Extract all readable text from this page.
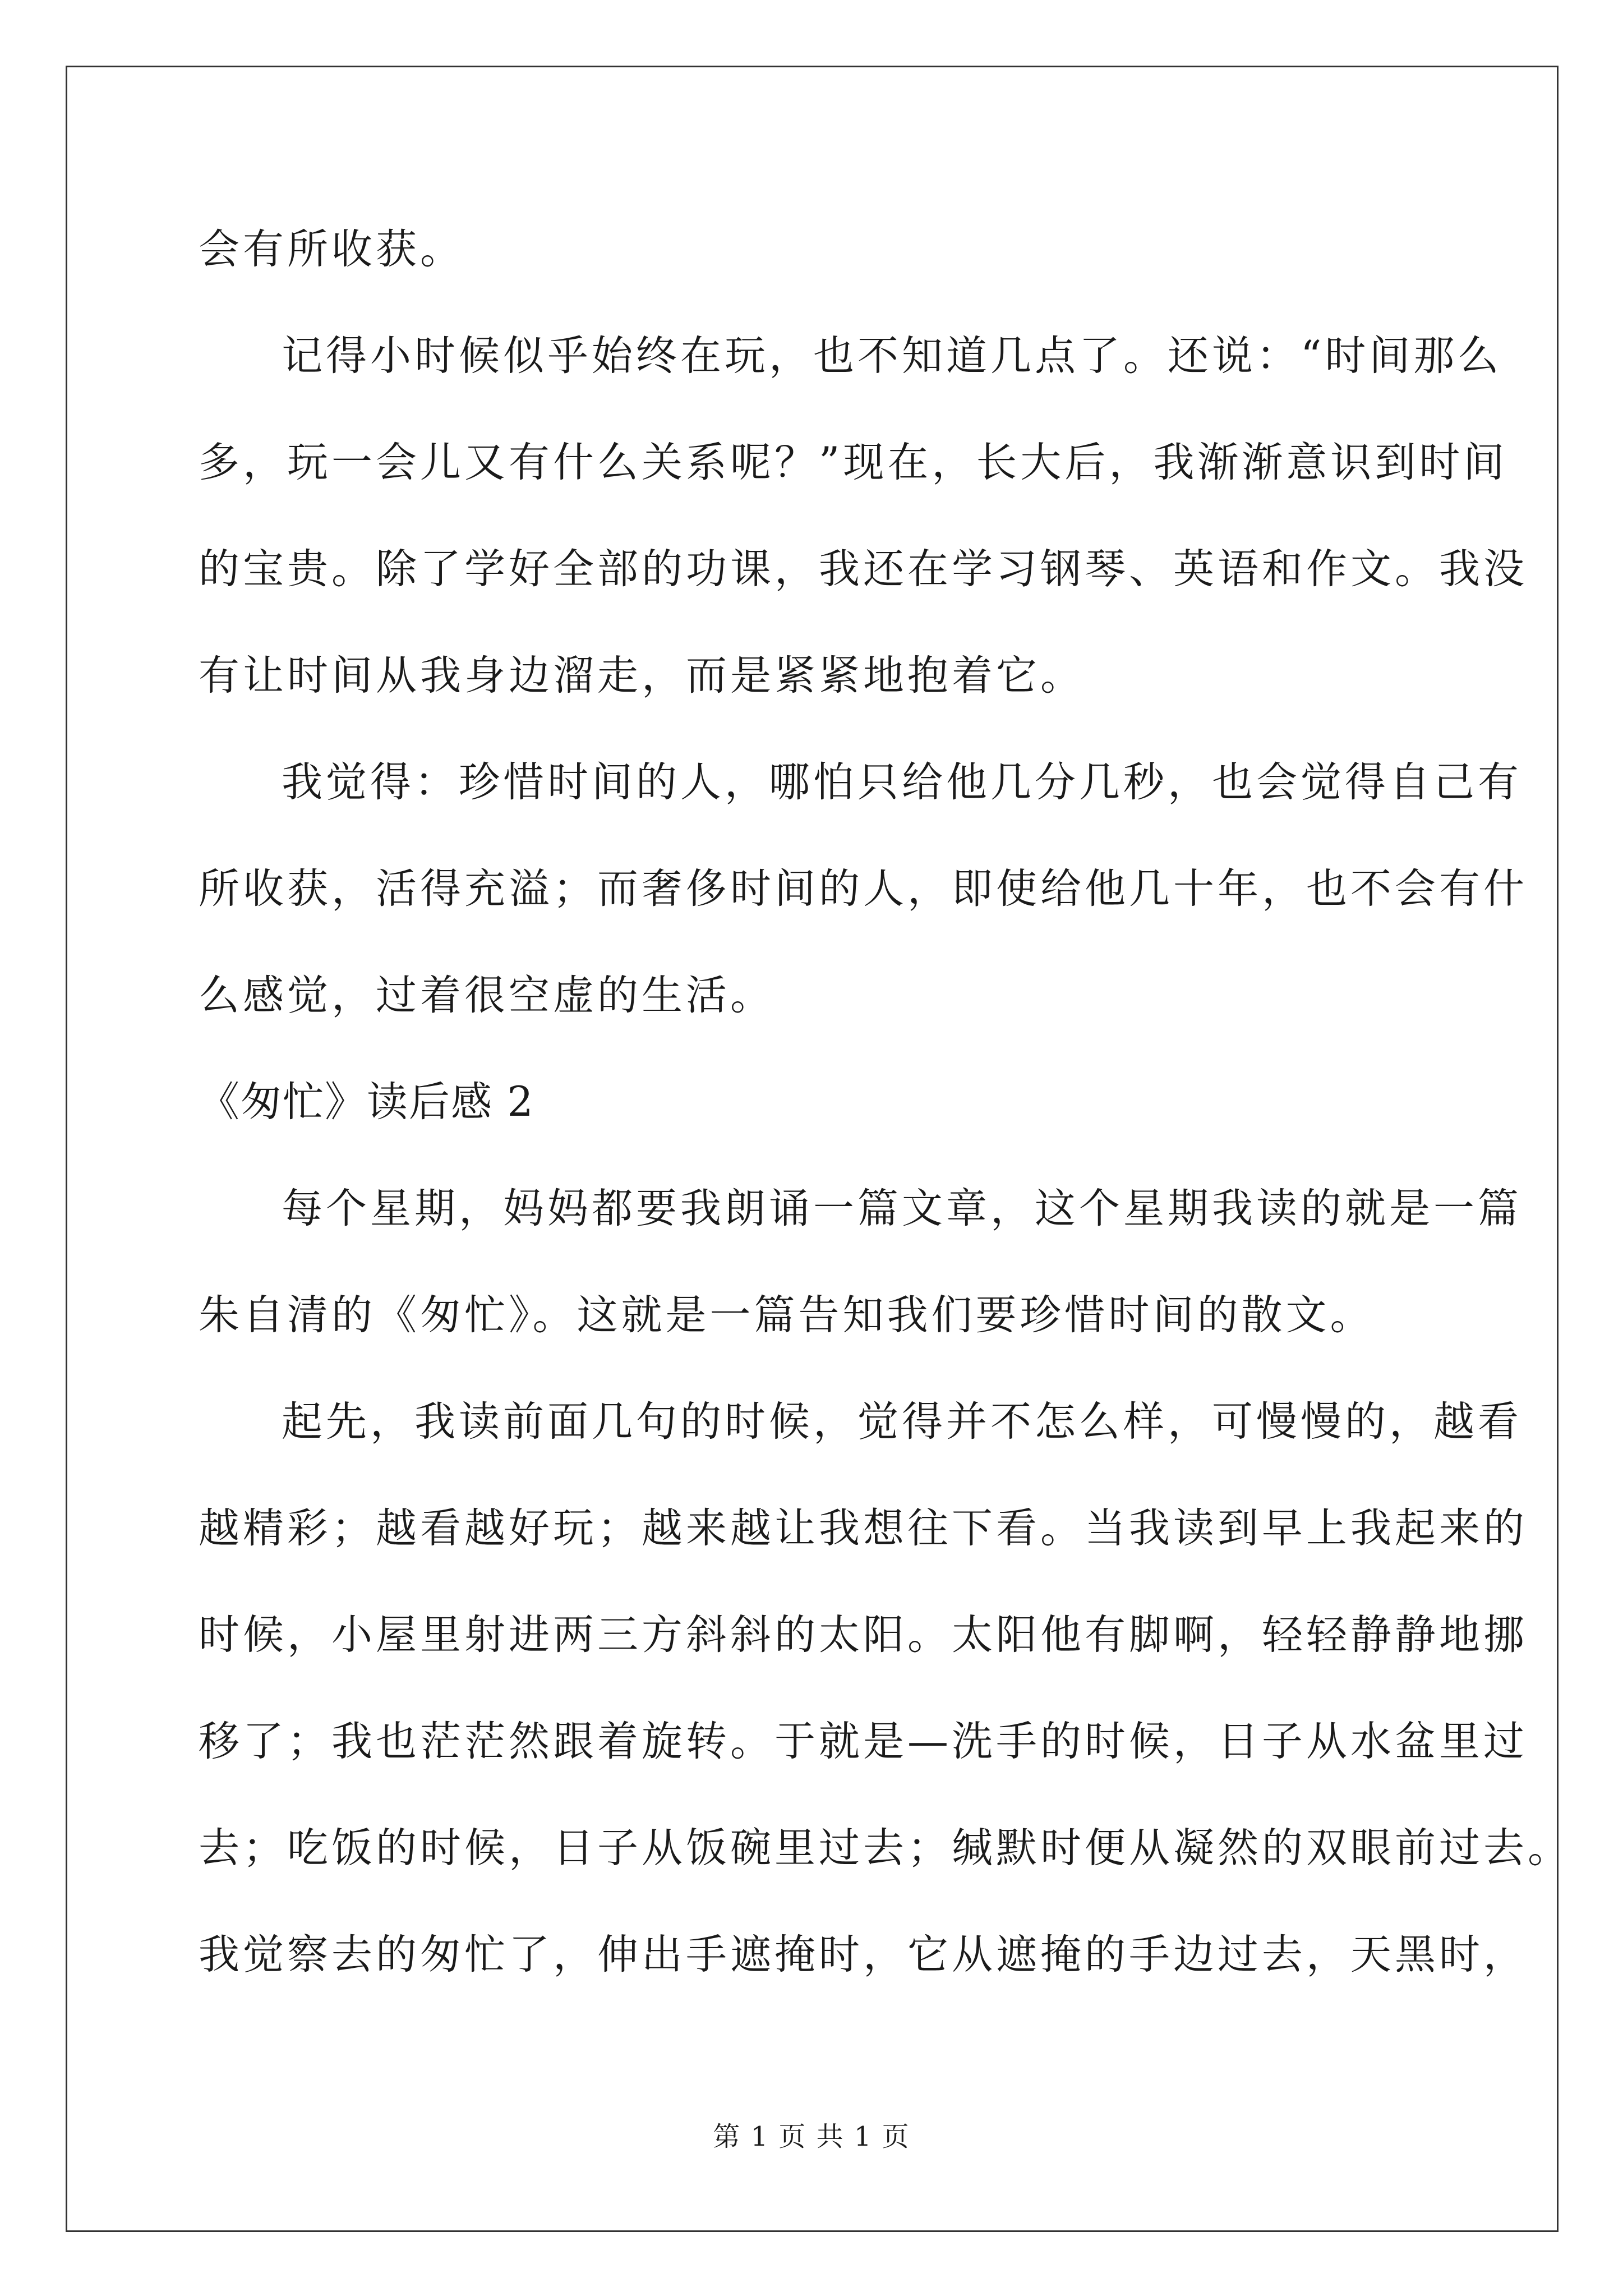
会有所收获。
记得小时候似乎始终在玩，也不知道几点了。还说：“时间那么
多，玩一会儿又有什么关系呢？”现在，长大后，我渐渐意识到时间
的宝贵。除了学好全部的功课，我还在学习钢琴、英语和作文。我没
有让时间从我身边溜走，而是紧紧地抱着它。
我觉得：珍惜时间的人，哪怕只给他几分几秒，也会觉得自己有
所收获，活得充溢；而奢侈时间的人，即使给他几十年，也不会有什
么感觉，过着很空虚的生活。
《匆忙》读后感 2
每个星期，妈妈都要我朗诵一篇文章，这个星期我读的就是一篇
朱自清的《匆忙》。这就是一篇告知我们要珍惜时间的散文。
起先，我读前面几句的时候，觉得并不怎么样，可慢慢的，越看
越精彩；越看越好玩；越来越让我想往下看。当我读到早上我起来的
时候，小屋里射进两三方斜斜的太阳。太阳他有脚啊，轻轻静静地挪
移了；我也茫茫然跟着旋转。于就是—洗手的时候，日子从水盆里过
去；吃饭的时候，日子从饭碗里过去；缄默时便从凝然的双眼前过去。
我觉察去的匆忙了，伸出手遮掩时，它从遮掩的手边过去，天黑时，
第 1 页 共 1 页
